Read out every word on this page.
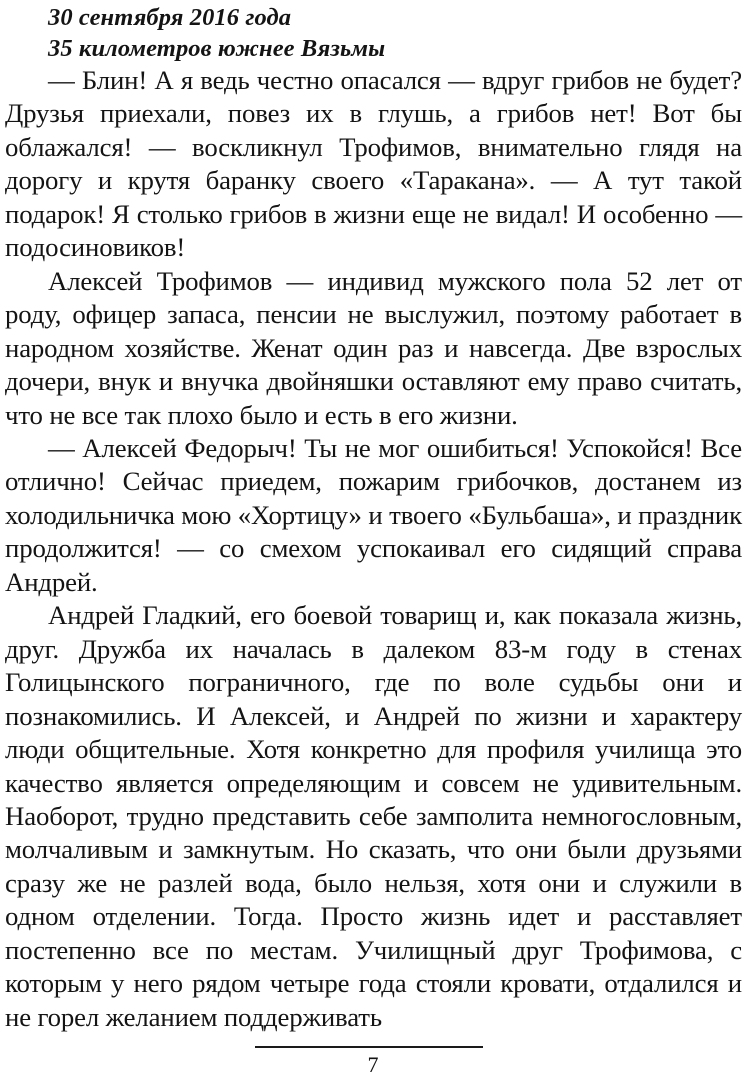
30 сентября 2016 года
35 километров южнее Вязьмы

— Блин! А я ведь честно опасался — вдруг грибов не будет? Друзья приехали, повез их в глушь, а грибов нет! Вот бы облажался! — воскликнул Трофимов, внимательно глядя на дорогу и крутя баранку своего «Таракана». — А тут такой подарок! Я столько грибов в жизни еще не видал! И особенно — подосиновиков!

Алексей Трофимов — индивид мужского пола 52 лет от роду, офицер запаса, пенсии не выслужил, поэтому работает в народном хозяйстве. Женат один раз и навсегда. Две взрослых дочери, внук и внучка двойняшки оставляют ему право считать, что не все так плохо было и есть в его жизни.

— Алексей Федорыч! Ты не мог ошибиться! Успокойся! Все отлично! Сейчас приедем, пожарим грибочков, достанем из холодильничка мою «Хортицу» и твоего «Бульбаша», и праздник продолжится! — со смехом успокаивал его сидящий справа Андрей.

Андрей Гладкий, его боевой товарищ и, как показала жизнь, друг. Дружба их началась в далеком 83-м году в стенах Голицынского пограничного, где по воле судьбы они и познакомились. И Алексей, и Андрей по жизни и характеру люди общительные. Хотя конкретно для профиля училища это качество является определяющим и совсем не удивительным. Наоборот, трудно представить себе замполита немногословным, молчаливым и замкнутым. Но сказать, что они были друзьями сразу же не разлей вода, было нельзя, хотя они и служили в одном отделении. Тогда. Просто жизнь идет и расставляет постепенно все по местам. Училищный друг Трофимова, с которым у него рядом четыре года стояли кровати, отдалился и не горел желанием поддерживать

7
